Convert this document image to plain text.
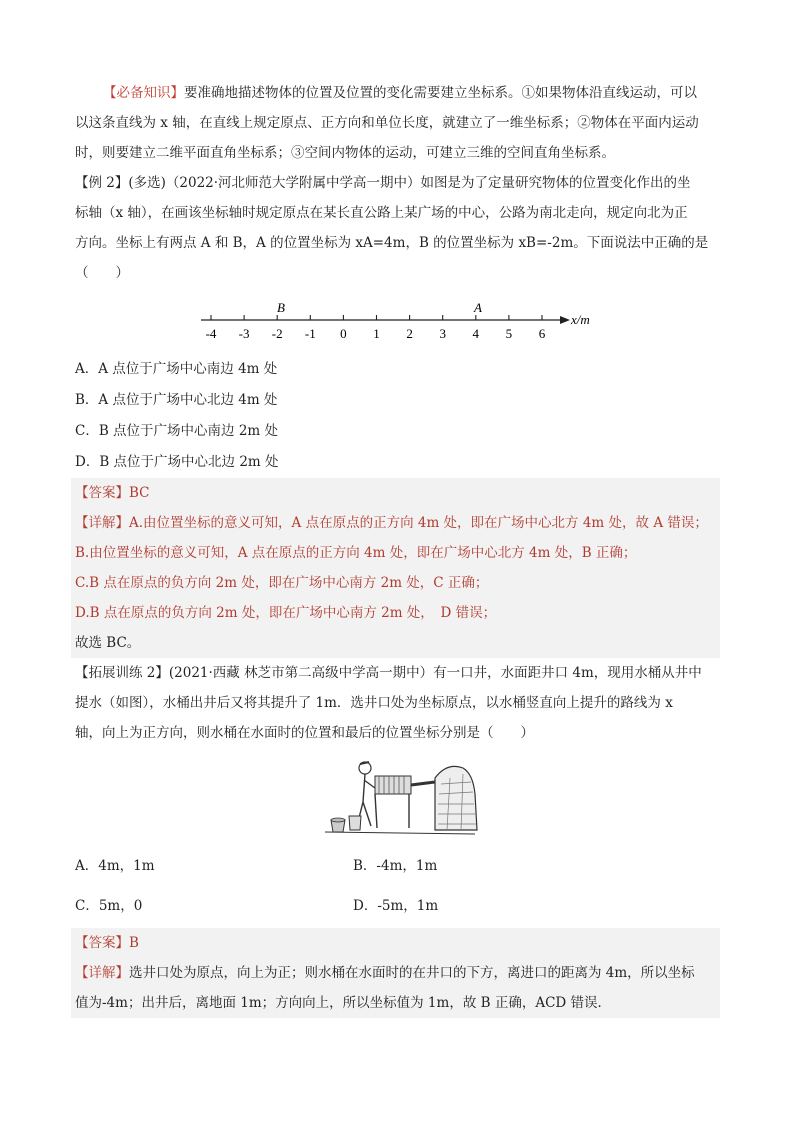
【必备知识】要准确地描述物体的位置及位置的变化需要建立坐标系。①如果物体沿直线运动，可以
以这条直线为 x 轴，在直线上规定原点、正方向和单位长度，就建立了一维坐标系；②物体在平面内运动
时，则要建立二维平面直角坐标系；③空间内物体的运动，可建立三维的空间直角坐标系。
【例 2】(多选)（2022·河北师范大学附属中学高一期中）如图是为了定量研究物体的位置变化作出的坐
标轴（x 轴），在画该坐标轴时规定原点在某长直公路上某广场的中心，公路为南北走向，规定向北为正
方向。坐标上有两点 A 和 B，A 的位置坐标为 xA=4m，B 的位置坐标为 xB=-2m。下面说法中正确的是
（　　）
x/m
B	A
-4 -3 -2 -1 0 1 2 3 4 5 6
A．A 点位于广场中心南边 4m 处
B．A 点位于广场中心北边 4m 处
C．B 点位于广场中心南边 2m 处
D．B 点位于广场中心北边 2m 处
【答案】BC
【详解】A.由位置坐标的意义可知，A 点在原点的正方向 4m 处，即在广场中心北方 4m 处，故 A 错误；
B.由位置坐标的意义可知，A 点在原点的正方向 4m 处，即在广场中心北方 4m 处，B 正确；
C.B 点在原点的负方向 2m 处，即在广场中心南方 2m 处，C 正确；
D.B 点在原点的负方向 2m 处，即在广场中心南方 2m 处，　D 错误；
故选 BC。
【拓展训练 2】(2021·西藏 林芝市第二高级中学高一期中）有一口井，水面距井口 4m，现用水桶从井中
提水（如图），水桶出井后又将其提升了 1m．选井口处为坐标原点，以水桶竖直向上提升的路线为 x
轴，向上为正方向，则水桶在水面时的位置和最后的位置坐标分别是（　　）
A．4m，1m	B．-4m，1m
C．5m，0	D．-5m，1m
【答案】B
【详解】选井口处为原点，向上为正；则水桶在水面时的在井口的下方，离进口的距离为 4m，所以坐标
值为-4m；出井后，离地面 1m；方向向上，所以坐标值为 1m，故 B 正确，ACD 错误．
